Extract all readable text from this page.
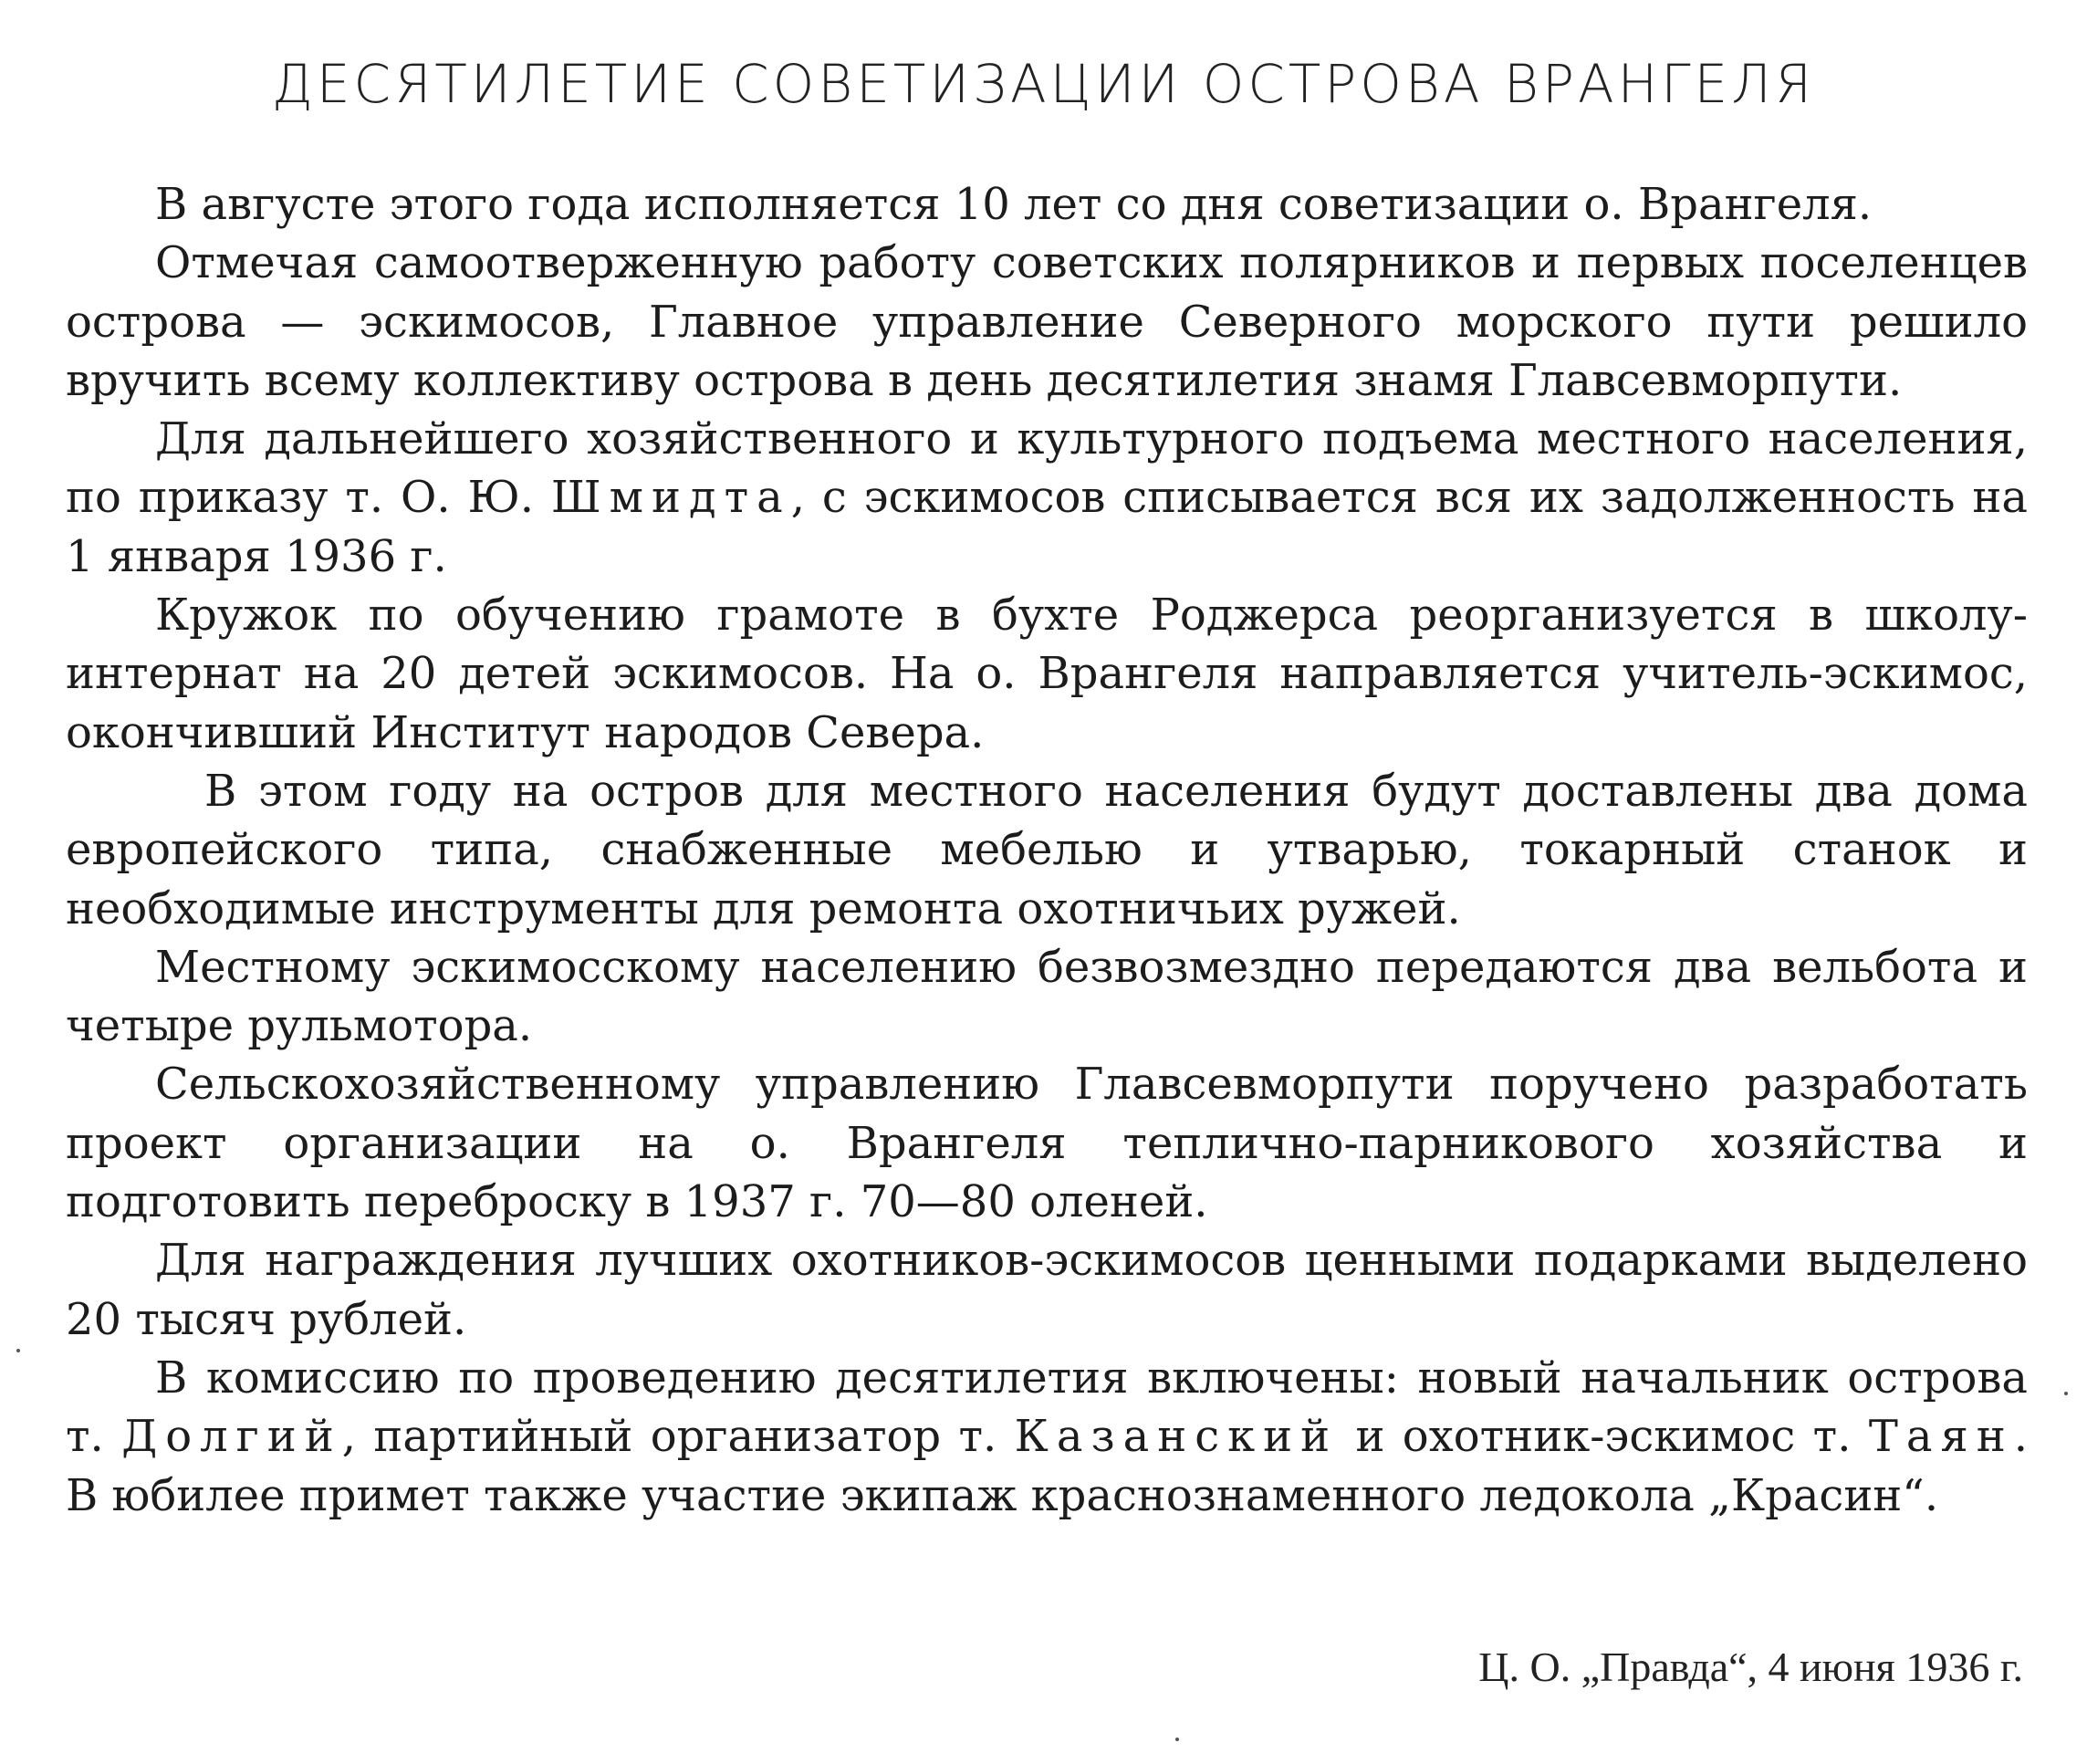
ДЕСЯТИЛЕТИЕ СОВЕТИЗАЦИИ ОСТРОВА ВРАНГЕЛЯ

В августе этого года исполняется 10 лет со дня советизации о. Врангеля.

Отмечая самоотверженную работу советских полярников и первых поселенцев острова — эскимосов, Главное управление Северного морского пути решило вручить всему коллективу острова в день десятилетия знамя Главсевморпути.

Для дальнейшего хозяйственного и культурного подъема местного населения, по приказу т. О. Ю. Шмидта, с эскимосов списывается вся их задолженность на 1 января 1936 г.

Кружок по обучению грамоте в бухте Роджерса реорганизуется в школу-интернат на 20 детей эскимосов. На о. Врангеля направляется учитель-эскимос, окончивший Институт народов Севера.

В этом году на остров для местного населения будут доставлены два дома европейского типа, снабженные мебелью и утварью, токарный станок и необходимые инструменты для ремонта охотничьих ружей.

Местному эскимосскому населению безвозмездно передаются два вельбота и четыре рульмотора.

Сельскохозяйственному управлению Главсевморпути поручено разработать проект организации на о. Врангеля теплично-парникового хозяйства и подготовить переброску в 1937 г. 70—80 оленей.

Для награждения лучших охотников-эскимосов ценными подарками выделено 20 тысяч рублей.

В комиссию по проведению десятилетия включены: новый начальник острова т. Долгий, партийный организатор т. Казанский и охотник-эскимос т. Таян. В юбилее примет также участие экипаж краснознаменного ледокола „Красин“.

Ц. О. „Правда“, 4 июня 1936 г.
